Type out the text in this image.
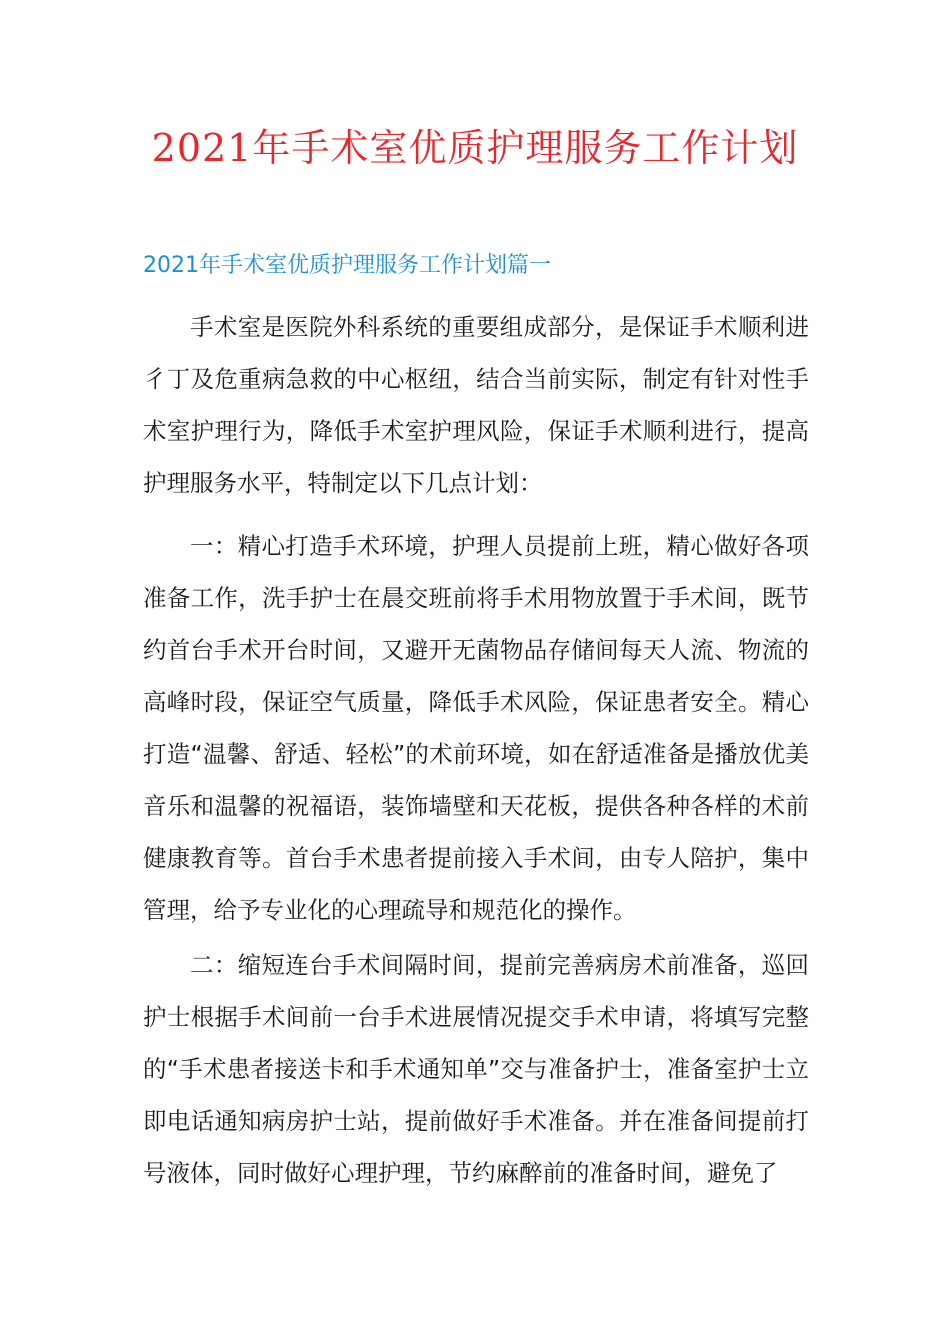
2021年手术室优质护理服务工作计划
2021年手术室优质护理服务工作计划篇一

手术室是医院外科系统的重要组成部分，是保证手术顺利进彳丁及危重病急救的中心枢纽，结合当前实际，制定有针对性手术室护理行为，降低手术室护理风险，保证手术顺利进行，提高护理服务水平，特制定以下几点计划：

一：精心打造手术环境，护理人员提前上班，精心做好各项准备工作，洗手护士在晨交班前将手术用物放置于手术间，既节约首台手术开台时间，又避开无菌物品存储间每天人流、物流的高峰时段，保证空气质量，降低手术风险，保证患者安全。精心打造“温馨、舒适、轻松”的术前环境，如在舒适准备是播放优美音乐和温馨的祝福语，装饰墙壁和天花板，提供各种各样的术前健康教育等。首台手术患者提前接入手术间，由专人陪护，集中管理，给予专业化的心理疏导和规范化的操作。

二：缩短连台手术间隔时间，提前完善病房术前准备，巡回护士根据手术间前一台手术进展情况提交手术申请，将填写完整的“手术患者接送卡和手术通知单”交与准备护士，准备室护士立即电话通知病房护士站，提前做好手术准备。并在准备间提前打号液体，同时做好心理护理，节约麻醉前的准备时间，避免了
